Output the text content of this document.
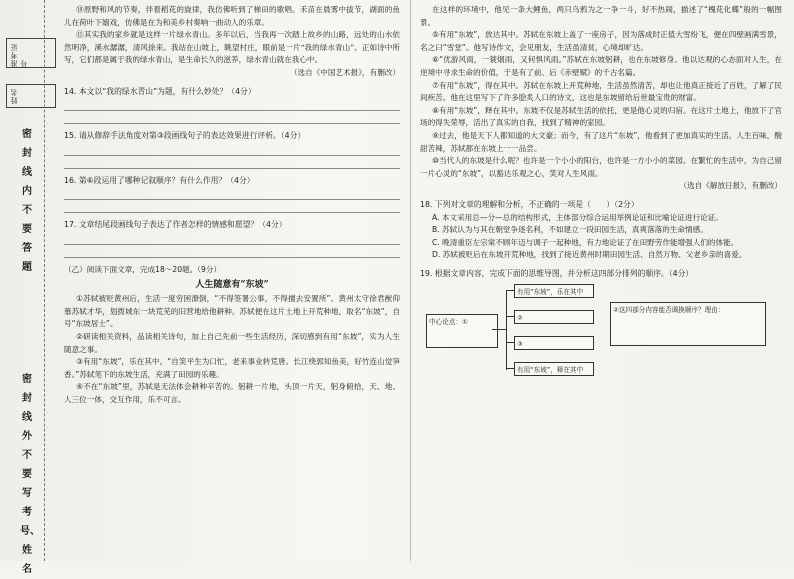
准考证号
姓名
密封线内不要答题
密封线外不要写考号、姓名

⑩原野和风的节奏，伴着稻花的旋律，我仿佛听到了梯田的歌唱。禾苗在晨雾中拔节，湖面的鱼儿在荷叶下嬉戏，仿佛是在为和美乡村奏响一曲动人的乐章。

⑪其实我的家乡就是这样一片绿水青山。多年以后，当我再一次踏上故乡的山路，远处的山水依然明净，溪水潺潺，清风徐来。我站在山坡上，眺望村庄，眼前是一片“我的绿水青山”。正如诗中所写，它们都是属于我的绿水青山，是生命长久的滋养，绿水青山就在我心中。

（选自《中国艺术报》，有删改）

14. 本文以“我的绿水青山”为题，有什么妙处？（4分）

15. 请从修辞手法角度对第③段画线句子的表达效果进行评析。（4分）

16. 第⑥段运用了哪种记叙顺序？有什么作用？（4分）

17. 文章结尾段画线句子表达了作者怎样的情感和愿望？（4分）

（乙）阅读下面文章，完成18～20题。（9分）

人生随意有“东坡”

①苏轼被贬黄州后，生活一度穷困潦倒，“不得签署公事，不得擅去安置所”。黄州太守徐君猷仰慕苏轼才华，划拨城东一块荒芜的旧营地给他耕种。苏轼便在这片土地上开荒种地，取名“东坡”，自号“东坡居士”。

②研读相关资料，品读相关诗句，加上自己先前一些生活经历，深切感到有用“东坡”，实为人生随意之事。

③有用“东坡”，乐在其中。“自笑平生为口忙，老来事业转荒唐。长江绕郭知鱼美，好竹连山觉笋香。”苏轼笔下的东坡生活，充满了田园的乐趣。

④不在“东坡”里，苏轼是无法体会耕种辛苦的。躬耕一片地，头顶一片天，躬身俯拾，天、地、人三位一体，交互作用，乐不可言。

在这样的环境中，他见一条大鲤鱼，两只乌鸦为之一争一斗，好不热闹，描述了“槐花化蝶”般的一幅图景。

⑤有用“东坡”，放达其中。苏轼在东坡上盖了一座房子，因为落成时正值大雪纷飞，便在四壁画满雪景，名之曰“雪堂”。他写诗作文，会见朋友，生活虽清贫，心境却旷达。

⑥“优游风雨，一蓑烟雨，又何惧风雨。”苏轼在东坡躬耕，也在东坡修身。他以达观的心态面对人生，在逆境中寻求生命的价值，于是有了前、后《赤壁赋》的千古名篇。

⑦有用“东坡”，得在其中。苏轼在东坡上开荒种地，生活虽然清苦，却也让他真正接近了百姓，了解了民间疾苦。他在这里写下了许多脍炙人口的诗文，这也是东坡留给后世最宝贵的财富。

⑧有用“东坡”，释在其中。东坡不仅是苏轼生活的依托，更是他心灵的归宿。在这片土地上，他放下了官场的得失荣辱，活出了真实的自我，找到了精神的家园。

⑨过去，他是天下人都知道的大文豪；而今，有了这片“东坡”，他看到了更加真实的生活。人生百味，酸甜苦辣，苏轼都在东坡上一一品尝。

⑩当代人的东坡是什么呢？也许是一个小小的阳台，也许是一方小小的菜园。在繁忙的生活中，为自己留一片心灵的“东坡”，以豁达乐观之心，笑对人生风雨。

（选自《解放日报》，有删改）

18. 下列对文章的理解和分析，不正确的一项是（　　）（2分）

A. 本文采用总—分—总的结构形式，主体部分综合运用举例论证和比喻论证进行论证。

B. 苏轼认为与其在朝堂争逐名利，不如建立一段田园生活，真爽落落的生命情感。

C. 晚清重臣左宗棠不顾年迈与调子一起种地，有力地论证了在田野劳作能增强人们的体能。

D. 苏轼被贬后在东坡开荒种地，找到了接近黄州时期田园生活、自然万物、父老乡亲的喜爱。

19. 根据文章内容，完成下面的思维导图，并分析这四部分排列的顺序。（4分）

中心论点：①
有用“东坡”，乐在其中
②
③
有用“东坡”，释在其中
②这四部分内容能否调换顺序？理由：
